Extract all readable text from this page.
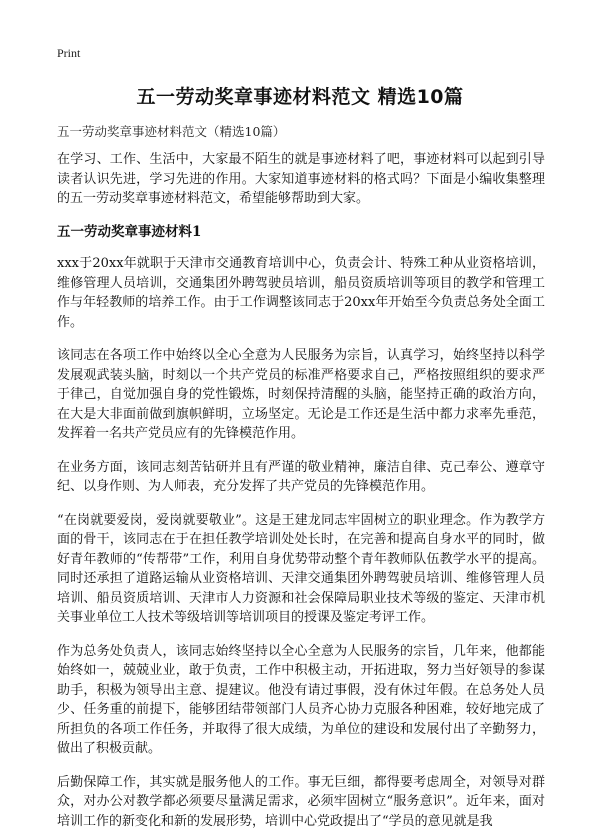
Print
五一劳动奖章事迹材料范文 精选10篇
五一劳动奖章事迹材料范文（精选10篇）

在学习、工作、生活中，大家最不陌生的就是事迹材料了吧，事迹材料可以起到引导读者认识先进，学习先进的作用。大家知道事迹材料的格式吗？下面是小编收集整理的五一劳动奖章事迹材料范文，希望能够帮助到大家。

五一劳动奖章事迹材料1

xxx于20xx年就职于天津市交通教育培训中心，负责会计、特殊工种从业资格培训，维修管理人员培训，交通集团外聘驾驶员培训，船员资质培训等项目的教学和管理工作与年轻教师的培养工作。由于工作调整该同志于20xx年开始至今负责总务处全面工作。

该同志在各项工作中始终以全心全意为人民服务为宗旨，认真学习，始终坚持以科学发展观武装头脑，时刻以一个共产党员的标准严格要求自己，严格按照组织的要求严于律己，自觉加强自身的党性锻炼，时刻保持清醒的头脑，能坚持正确的政治方向，在大是大非面前做到旗帜鲜明，立场坚定。无论是工作还是生活中都力求率先垂范，发挥着一名共产党员应有的先锋模范作用。

在业务方面，该同志刻苦钻研并且有严谨的敬业精神，廉洁自律、克己奉公、遵章守纪、以身作则、为人师表，充分发挥了共产党员的先锋模范作用。

“在岗就要爱岗，爱岗就要敬业”。这是王建龙同志牢固树立的职业理念。作为教学方面的骨干，该同志在于在担任教学培训处处长时，在完善和提高自身水平的同时，做好青年教师的“传帮带”工作，利用自身优势带动整个青年教师队伍教学水平的提高。同时还承担了道路运输从业资格培训、天津交通集团外聘驾驶员培训、维修管理人员培训、船员资质培训、天津市人力资源和社会保障局职业技术等级的鉴定、天津市机关事业单位工人技术等级培训等培训项目的授课及鉴定考评工作。

作为总务处负责人，该同志始终坚持以全心全意为人民服务的宗旨，几年来，他都能始终如一，兢兢业业，敢于负责，工作中积极主动，开拓进取，努力当好领导的参谋助手，积极为领导出主意、提建议。他没有请过事假，没有休过年假。在总务处人员少、任务重的前提下，能够团结带领部门人员齐心协力克服各种困难，较好地完成了所担负的各项工作任务，并取得了很大成绩，为单位的建设和发展付出了辛勤努力，做出了积极贡献。

后勤保障工作，其实就是服务他人的工作。事无巨细，都得要考虑周全，对领导对群众，对办公对教学都必须要尽量满足需求，必须牢固树立“服务意识”。近年来，面对培训工作的新变化和新的发展形势，培训中心党政提出了“学员的意见就是我
